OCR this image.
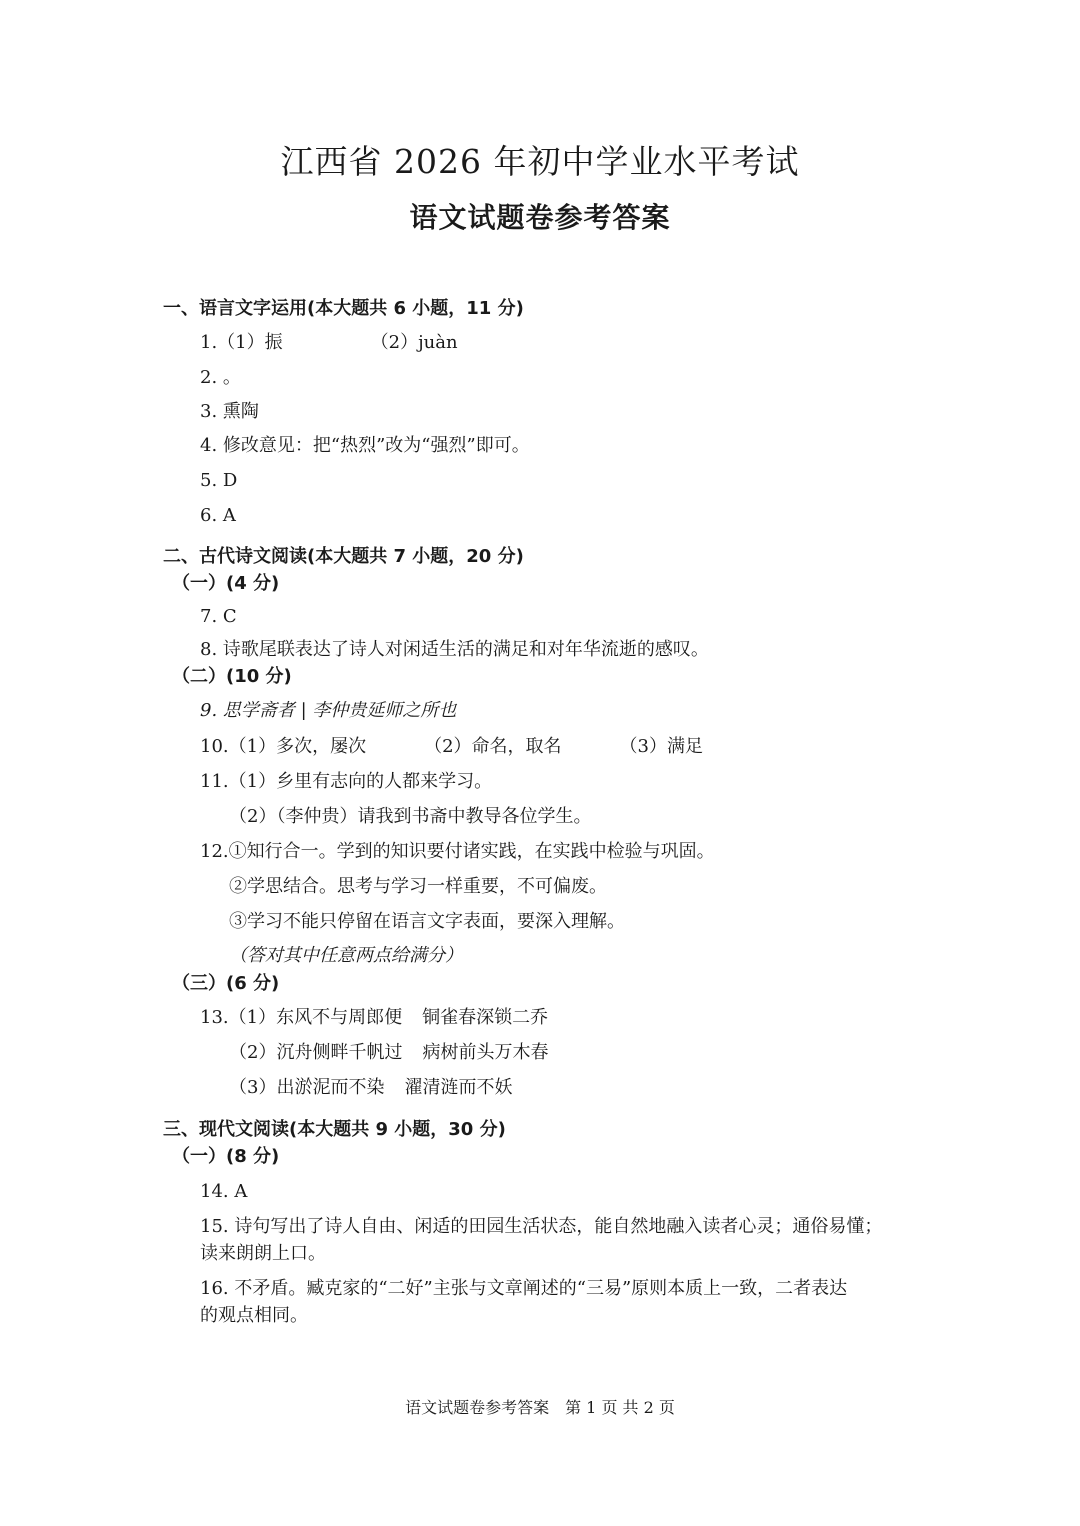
江西省 2026 年初中学业水平考试
语文试题卷参考答案
一、语言文字运用(本大题共 6 小题，11 分)
1.（1）振	（2）juàn
2. 。
3. 熏陶
4. 修改意见：把“热烈”改为“强烈”即可。
5. D
6. A
二、古代诗文阅读(本大题共 7 小题，20 分)
（一）(4 分)
7. C
8. 诗歌尾联表达了诗人对闲适生活的满足和对年华流逝的感叹。
（二）(10 分)
9. 思学斋者 | 李仲贵延师之所也
10.（1）多次，屡次	（2）命名，取名	（3）满足
11.（1）乡里有志向的人都来学习。
（2）（李仲贵）请我到书斋中教导各位学生。
12.①知行合一。学到的知识要付诸实践，在实践中检验与巩固。
②学思结合。思考与学习一样重要，不可偏废。
③学习不能只停留在语言文字表面，要深入理解。
（答对其中任意两点给满分）
（三）(6 分)
13.（1）东风不与周郎便 铜雀春深锁二乔
（2）沉舟侧畔千帆过 病树前头万木春
（3）出淤泥而不染 濯清涟而不妖
三、现代文阅读(本大题共 9 小题，30 分)
（一）(8 分)
14. A
15. 诗句写出了诗人自由、闲适的田园生活状态，能自然地融入读者心灵；通俗易懂；
读来朗朗上口。
16. 不矛盾。臧克家的“二好”主张与文章阐述的“三易”原则本质上一致，二者表达
的观点相同。
语文试题卷参考答案　第 1 页 共 2 页
